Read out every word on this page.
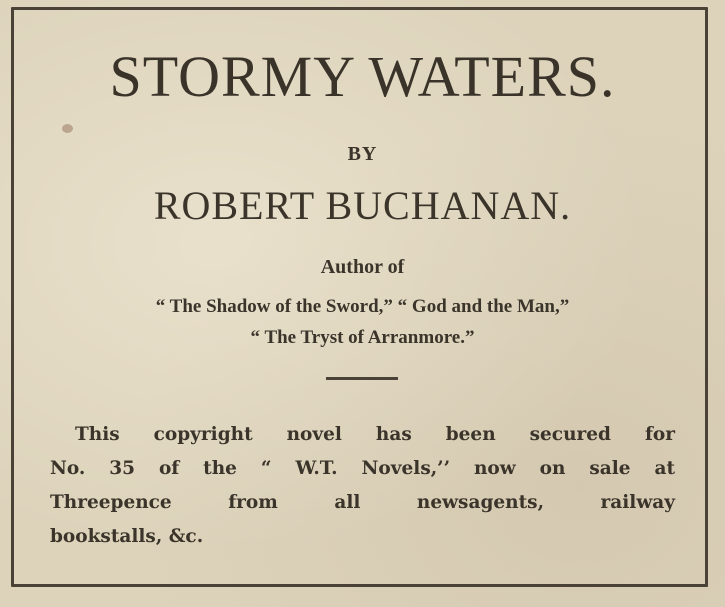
STORMY WATERS.
BY
ROBERT BUCHANAN.
Author of
“ The Shadow of the Sword,” “ God and the Man,”
“ The Tryst of Arranmore.”
This copyright novel has been secured for
No. 35 of the “ W.T. Novels,’’ now on sale at
Threepence from all newsagents, railway
bookstalls, &c.
